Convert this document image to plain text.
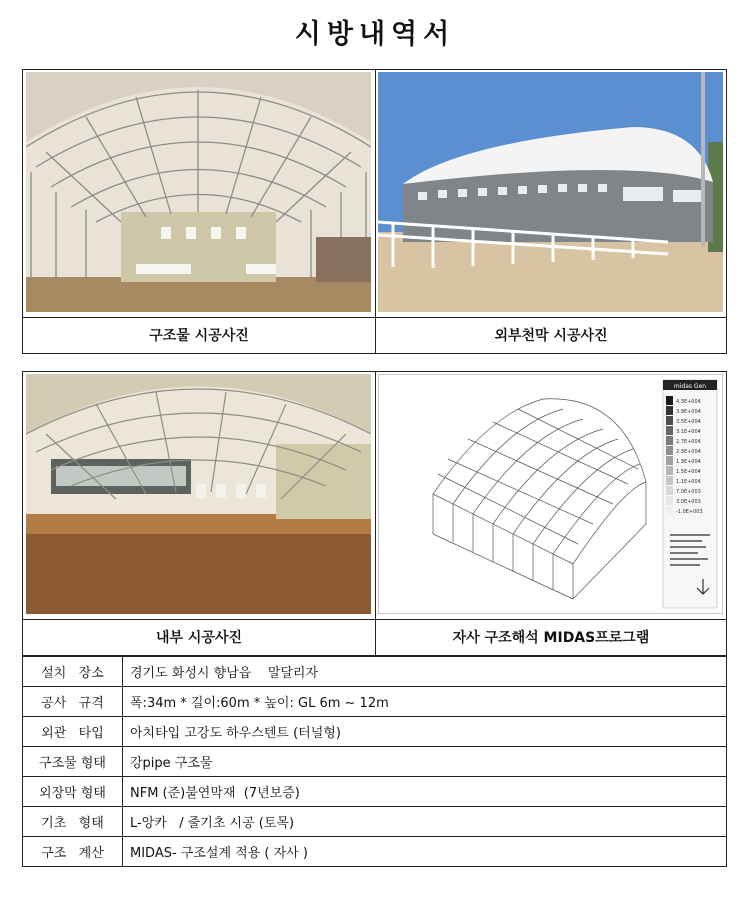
시방내역서
구조물 시공사진	외부천막 시공사진
midas Gen
4.3E+004
3.9E+004
3.5E+004
3.1E+004
2.7E+004
2.3E+004
1.9E+004
1.5E+004
1.1E+004
7.0E+003
3.0E+003
-1.0E+003
내부 시공사진	자사 구조해석 MIDAS프로그램
설치   장소	경기도 화성시 향남읍    말달리자
공사   규격	폭:34m * 길이:60m * 높이: GL 6m ~ 12m
외관   타입	아치타입 고강도 하우스텐트 (터널형)
구조물 형태	강pipe 구조물
외장막 형태	NFM (준)불연막재  (7년보증)
기초   형태	L-앙카   / 줄기초 시공 (토목)
구조   계산	MIDAS- 구조설계 적용 ( 자사 )
